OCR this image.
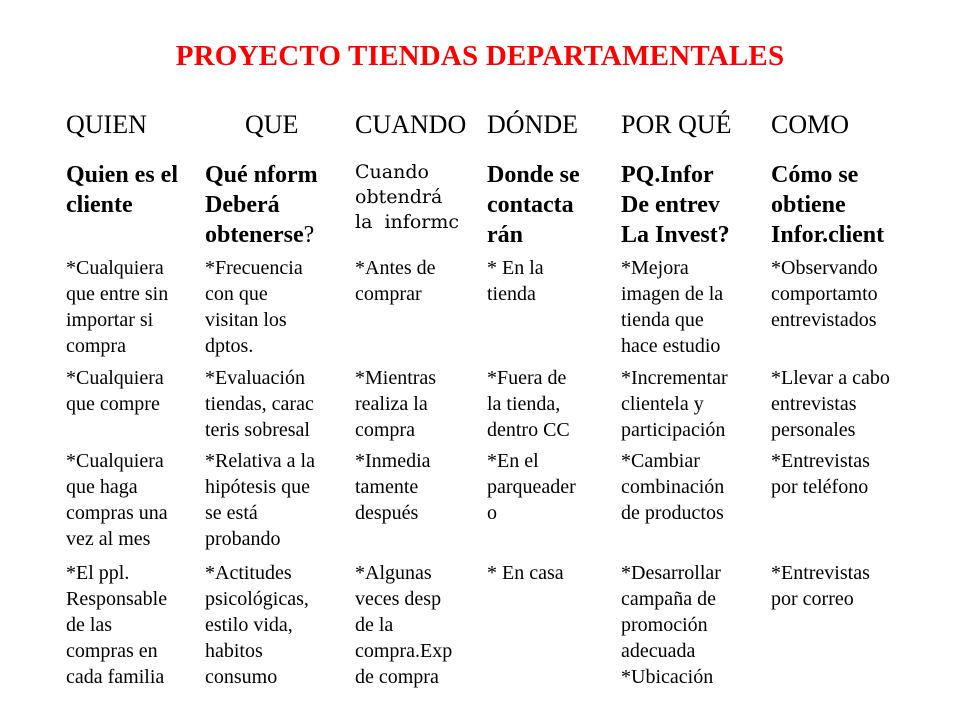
PROYECTO TIENDAS DEPARTAMENTALES
QUIEN
Quien es el
cliente
*Cualquiera
que entre sin
importar si
compra
*Cualquiera
que compre
*Cualquiera
que haga
compras una
vez al mes
*El ppl.
Responsable
de las
compras en
cada familia
QUE
Qué nform
Deberá
obtenerse?
*Frecuencia
con que
visitan los
dptos.
*Evaluación
tiendas, carac
teris sobresal
*Relativa a la
hipótesis que
se está
probando
*Actitudes
psicológicas,
estilo vida,
habitos
consumo
CUANDO
Cuando
obtendrá
la  informc
*Antes de
comprar
*Mientras
realiza la
compra
*Inmedia
tamente
después
*Algunas
veces desp
de la
compra.Exp
de compra
DÓNDE
Donde se
contacta
rán
* En la
tienda
*Fuera de
la tienda,
dentro CC
*En el
parqueader
o
* En casa
POR QUÉ
PQ.Infor
De entrev
La Invest?
*Mejora
imagen de la
tienda que
hace estudio
*Incrementar
clientela y
participación
*Cambiar
combinación
de productos
*Desarrollar
campaña de
promoción
adecuada
*Ubicación
COMO
Cómo se
obtiene
Infor.client
*Observando
comportamto
entrevistados
*Llevar a cabo
entrevistas
personales
*Entrevistas
por teléfono
*Entrevistas
por correo
